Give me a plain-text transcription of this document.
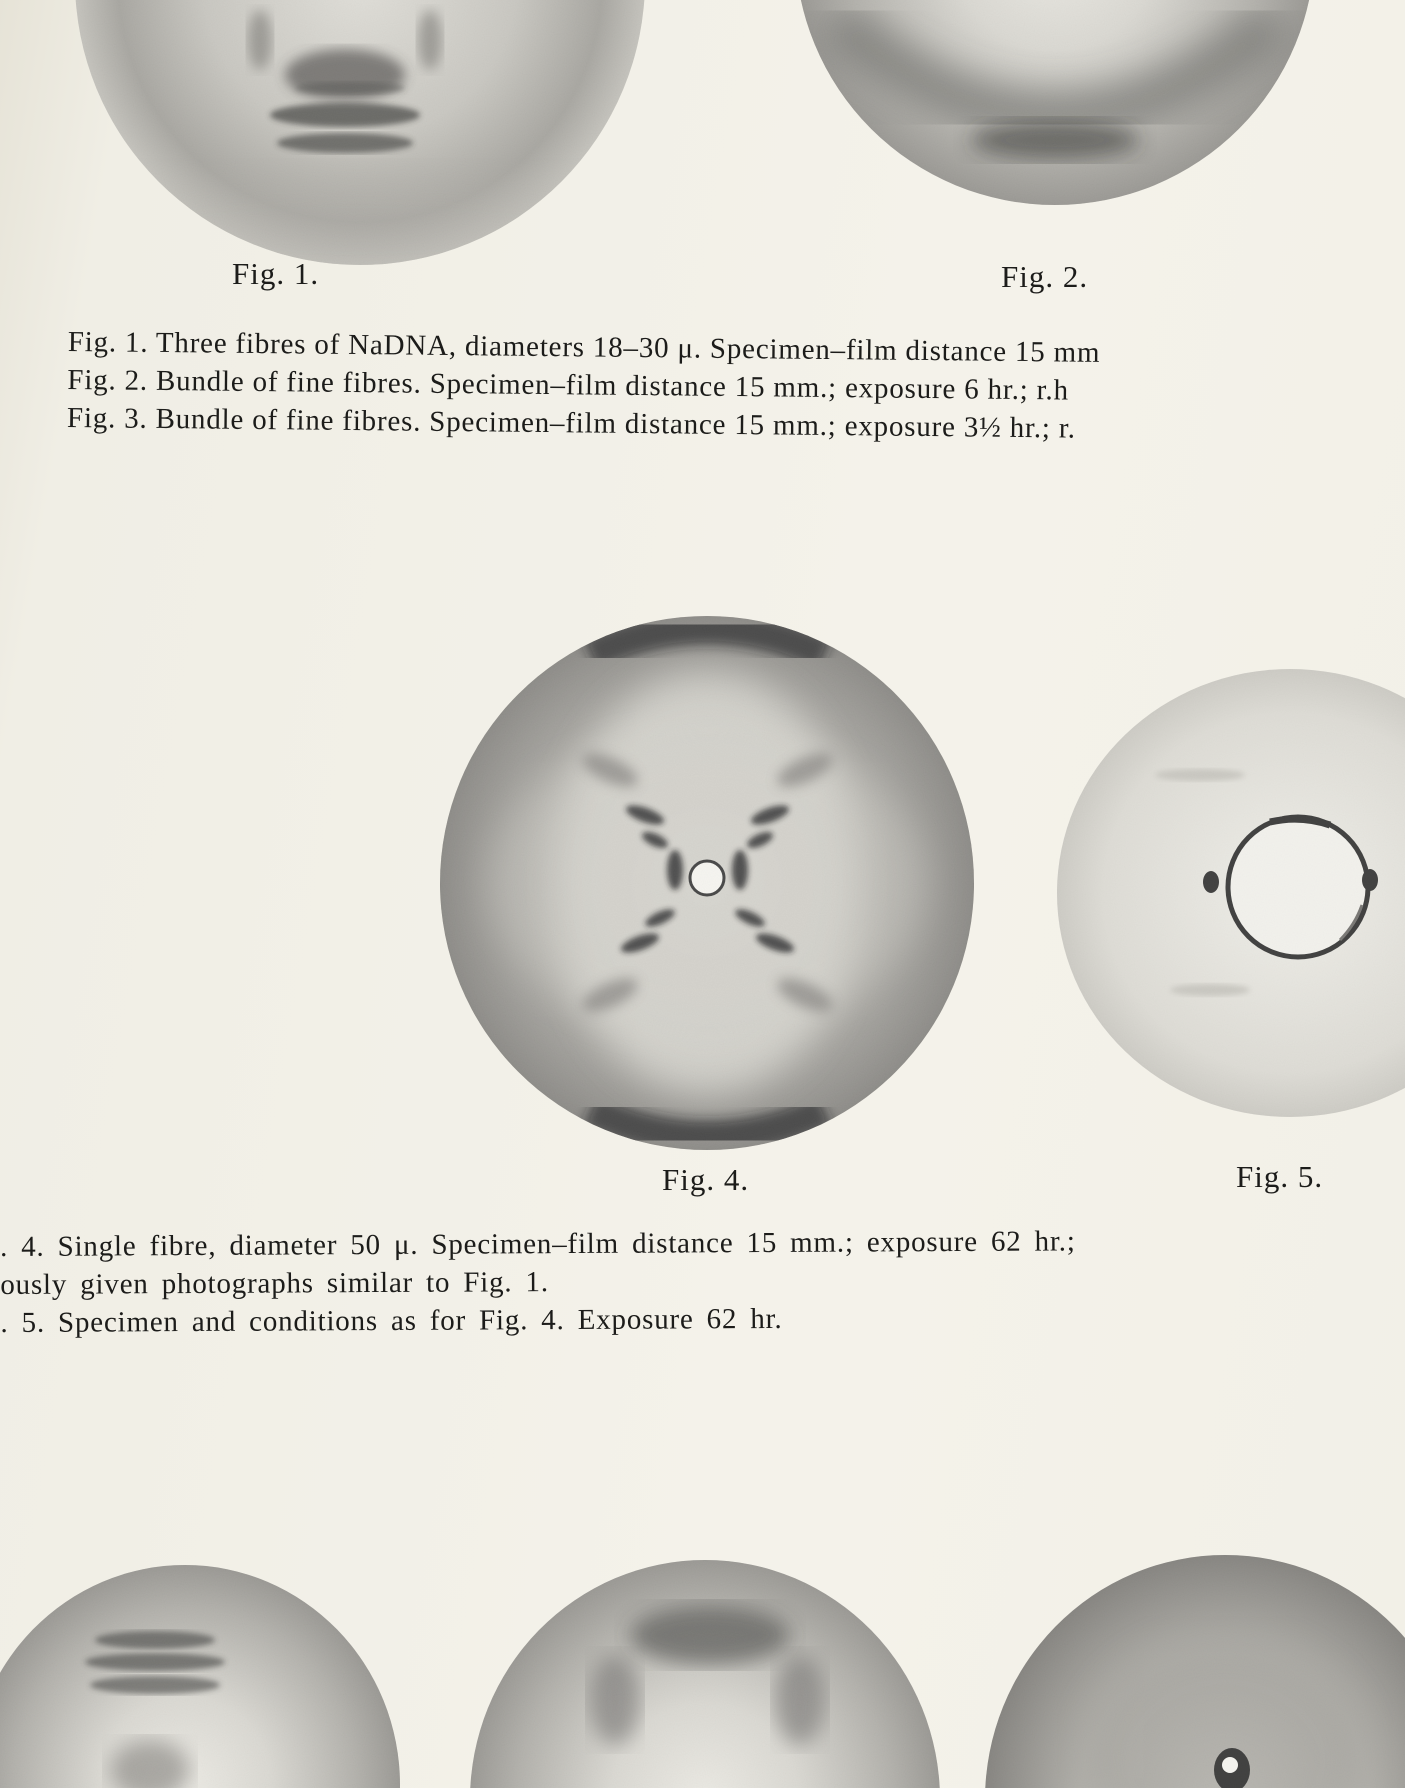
Fig. 1.	Fig. 2.
Fig. 4.	Fig. 5.
Fig. 1. Three fibres of NaDNA, diameters 18–30 μ. Specimen–film distance 15 mm
Fig. 2. Bundle of fine fibres. Specimen–film distance 15 mm.; exposure 6 hr.; r.h
Fig. 3. Bundle of fine fibres. Specimen–film distance 15 mm.; exposure 3½ hr.; r.
. 4. Single fibre, diameter 50 μ. Specimen–film distance 15 mm.; exposure 62 hr.;
ously given photographs similar to Fig. 1.
. 5. Specimen and conditions as for Fig. 4. Exposure 62 hr.
